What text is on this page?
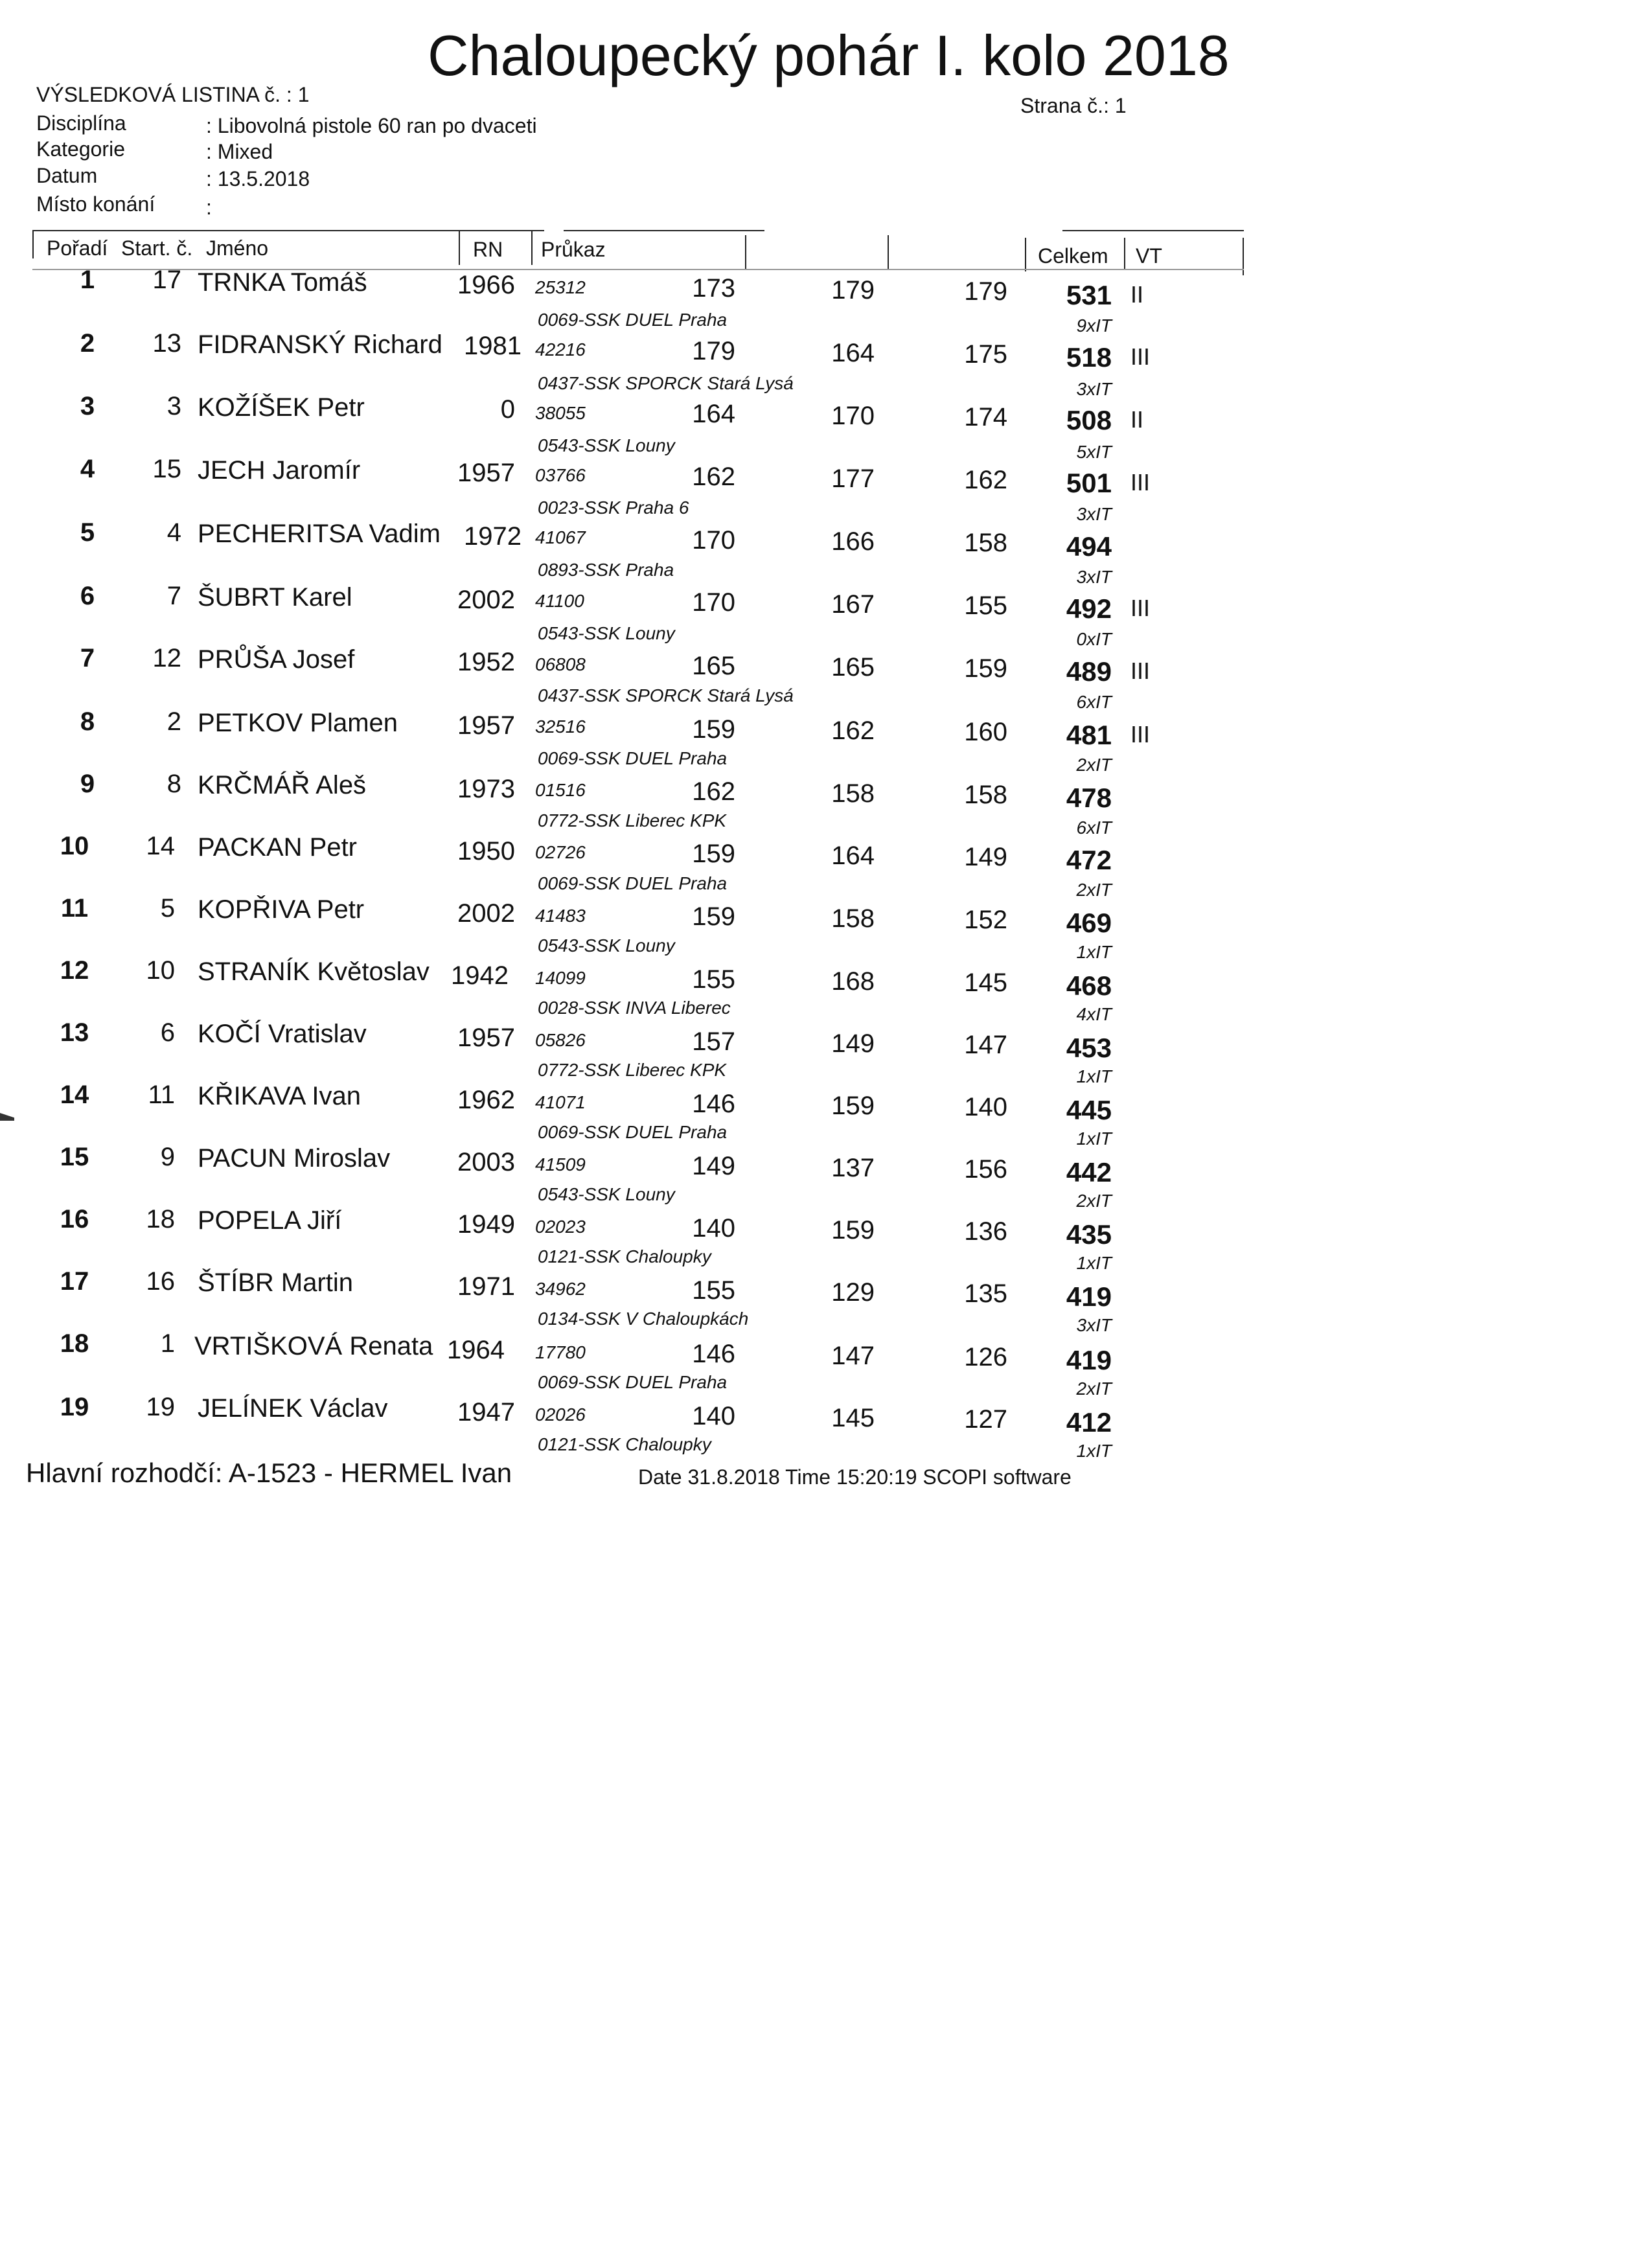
Chaloupecký pohár I. kolo 2018
VÝSLEDKOVÁ LISTINA č. : 1	Strana č.: 1
Disciplína	: Libovolná pistole 60 ran po dvaceti
Kategorie	: Mixed
Datum	: 13.5.2018
Místo konání :
Pořadí Start. č. Jméno	RN Průkaz	Celkem VT
1	17 TRNKA Tomáš	1966 25312	173	179	179	531 II
0069-SSK DUEL Praha	9xIT
2	13 FIDRANSKÝ Richard 1981 42216	179	164	175	518 III
0437-SSK SPORCK Stará Lysá	3xIT
3	3 KOŽÍŠEK Petr	0 38055	164	170	174	508 II
0543-SSK Louny	5xIT
4	15 JECH Jaromír	1957 03766	162	177	162	501 III
0023-SSK Praha 6	3xIT
5	4 PECHERITSA Vadim 1972 41067	170	166	158	494
0893-SSK Praha	3xIT
6	7 ŠUBRT Karel	2002 41100	170	167	155	492 III
0543-SSK Louny	0xIT
7	12 PRŮŠA Josef	1952 06808	165	165	159	489 III
0437-SSK SPORCK Stará Lysá	6xIT
8	2 PETKOV Plamen	1957 32516	159	162	160	481 III
0069-SSK DUEL Praha	2xIT
9	8 KRČMÁŘ Aleš	1973 01516	162	158	158	478
0772-SSK Liberec KPK	6xIT
10	14 PACKAN Petr	1950 02726	159	164	149	472
0069-SSK DUEL Praha	2xIT
11	5 KOPŘIVA Petr	2002 41483	159	158	152	469
0543-SSK Louny	1xIT
12	10 STRANÍK Květoslav 1942 14099	155	168	145	468
0028-SSK INVA Liberec	4xIT
13	6 KOČÍ Vratislav	1957 05826	157	149	147	453
0772-SSK Liberec KPK	1xIT
14	11 KŘIKAVA Ivan	1962 41071	146	159	140	445
0069-SSK DUEL Praha	1xIT
15	9 PACUN Miroslav	2003 41509	149	137	156	442
0543-SSK Louny	2xIT
16	18 POPELA Jiří	1949 02023	140	159	136	435
0121-SSK Chaloupky	1xIT
17	16 ŠTÍBR Martin	1971 34962	155	129	135	419
0134-SSK V Chaloupkách	3xIT
18	1 VRTIŠKOVÁ Renata 1964 17780	146	147	126	419
0069-SSK DUEL Praha	2xIT
19	19 JELÍNEK Václav	1947 02026	140	145	127	412
0121-SSK Chaloupky	1xIT
Hlavní rozhodčí: A-1523 - HERMEL Ivan	Date 31.8.2018 Time 15:20:19 SCOPI software
